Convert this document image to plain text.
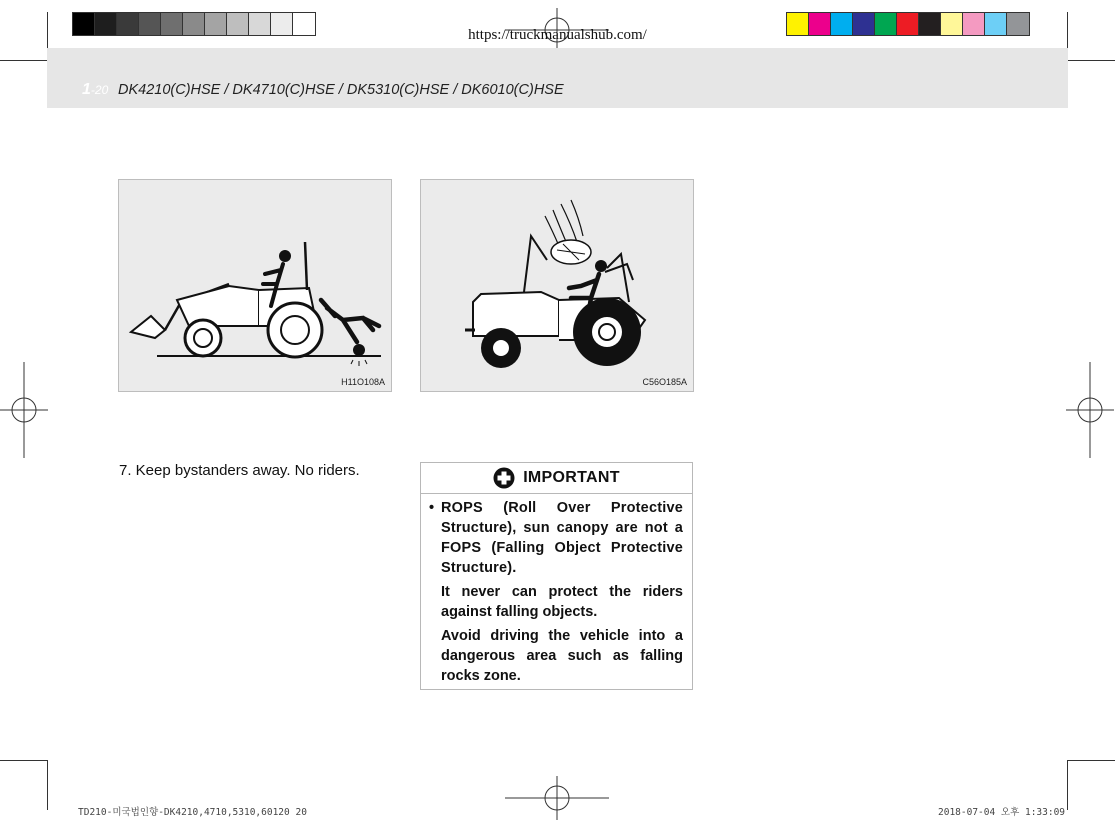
https://truckmanualshub.com/
1-20 DK4210(C)HSE / DK4710(C)HSE / DK5310(C)HSE / DK6010(C)HSE
H11O108A	C56O185A
7. Keep bystanders away. No riders.	IMPORTANT
• ROPS (Roll Over Protective Structure), sun canopy are not a FOPS (Falling Object Protective Structure).

It never can protect the riders against falling objects.

Avoid driving the vehicle into a dangerous area such as falling rocks zone.

TD210-미국법인향-DK4210,4710,5310,60120 20	2018-07-04 오후 1:33:09
